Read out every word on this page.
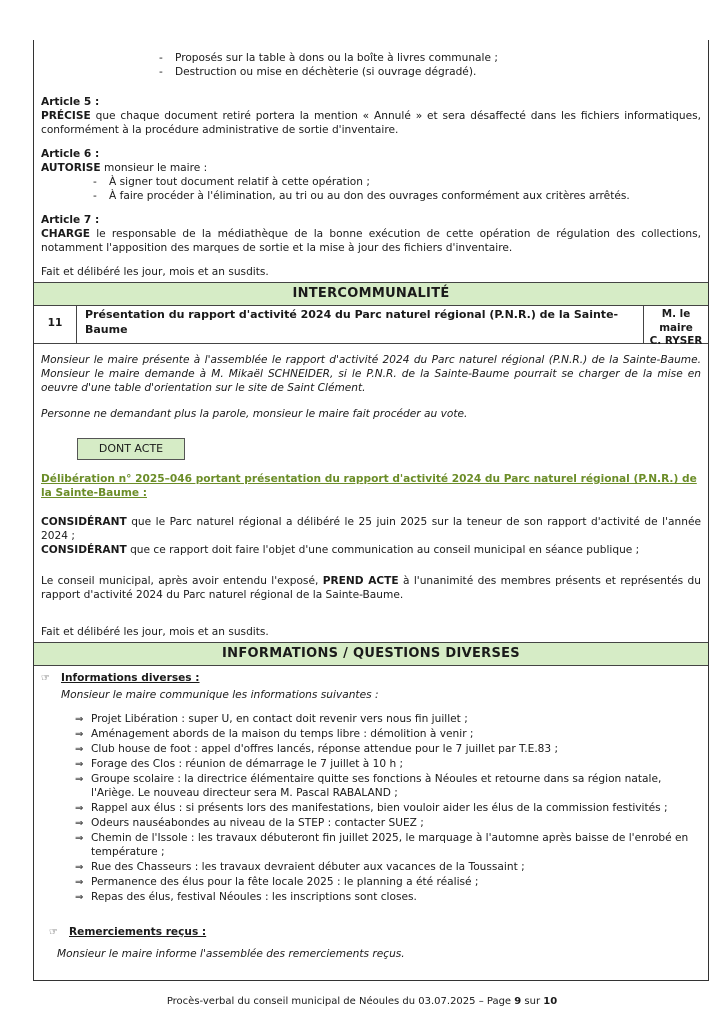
- Proposés sur la table à dons ou la boîte à livres communale ;
- Destruction ou mise en déchèterie (si ouvrage dégradé).
Article 5 :
PRÉCISE que chaque document retiré portera la mention « Annulé » et sera désaffecté dans les fichiers informatiques, conformément à la procédure administrative de sortie d'inventaire.
Article 6 :
AUTORISE monsieur le maire :
- À signer tout document relatif à cette opération ;
- À faire procéder à l'élimination, au tri ou au don des ouvrages conformément aux critères arrêtés.
Article 7 :
CHARGE le responsable de la médiathèque de la bonne exécution de cette opération de régulation des collections, notamment l'apposition des marques de sortie et la mise à jour des fichiers d'inventaire.
Fait et délibéré les jour, mois et an susdits.
INTERCOMMUNALITÉ
11
Présentation du rapport d'activité 2024 du Parc naturel régional (P.N.R.) de la Sainte-Baume
M. le maire
C. RYSER
Monsieur le maire présente à l'assemblée le rapport d'activité 2024 du Parc naturel régional (P.N.R.) de la Sainte-Baume. Monsieur le maire demande à M. Mikaël SCHNEIDER, si le P.N.R. de la Sainte-Baume pourrait se charger de la mise en oeuvre d'une table d'orientation sur le site de Saint Clément.
Personne ne demandant plus la parole, monsieur le maire fait procéder au vote.
DONT ACTE
Délibération n° 2025–046 portant présentation du rapport d'activité 2024 du Parc naturel régional (P.N.R.) de la Sainte-Baume :
CONSIDÉRANT que le Parc naturel régional a délibéré le 25 juin 2025 sur la teneur de son rapport d'activité de l'année 2024 ;
CONSIDÉRANT que ce rapport doit faire l'objet d'une communication au conseil municipal en séance publique ;
Le conseil municipal, après avoir entendu l'exposé, PREND ACTE à l'unanimité des membres présents et représentés du rapport d'activité 2024 du Parc naturel régional de la Sainte-Baume.
Fait et délibéré les jour, mois et an susdits.
INFORMATIONS / QUESTIONS DIVERSES
☞ Informations diverses :
Monsieur le maire communique les informations suivantes :
⇒ Projet Libération : super U, en contact doit revenir vers nous fin juillet ;
⇒ Aménagement abords de la maison du temps libre : démolition à venir ;
⇒ Club house de foot : appel d'offres lancés, réponse attendue pour le 7 juillet par T.E.83 ;
⇒ Forage des Clos : réunion de démarrage le 7 juillet à 10 h ;
⇒ Groupe scolaire : la directrice élémentaire quitte ses fonctions à Néoules et retourne dans sa région natale, l'Ariège. Le nouveau directeur sera M. Pascal RABALAND ;
⇒ Rappel aux élus : si présents lors des manifestations, bien vouloir aider les élus de la commission festivités ;
⇒ Odeurs nauséabondes au niveau de la STEP : contacter SUEZ ;
⇒ Chemin de l'Issole : les travaux débuteront fin juillet 2025, le marquage à l'automne après baisse de l'enrobé en température ;
⇒ Rue des Chasseurs : les travaux devraient débuter aux vacances de la Toussaint ;
⇒ Permanence des élus pour la fête locale 2025 : le planning a été réalisé ;
⇒ Repas des élus, festival Néoules : les inscriptions sont closes.
☞ Remerciements reçus :
Monsieur le maire informe l'assemblée des remerciements reçus.
Procès-verbal du conseil municipal de Néoules du 03.07.2025 – Page 9 sur 10
